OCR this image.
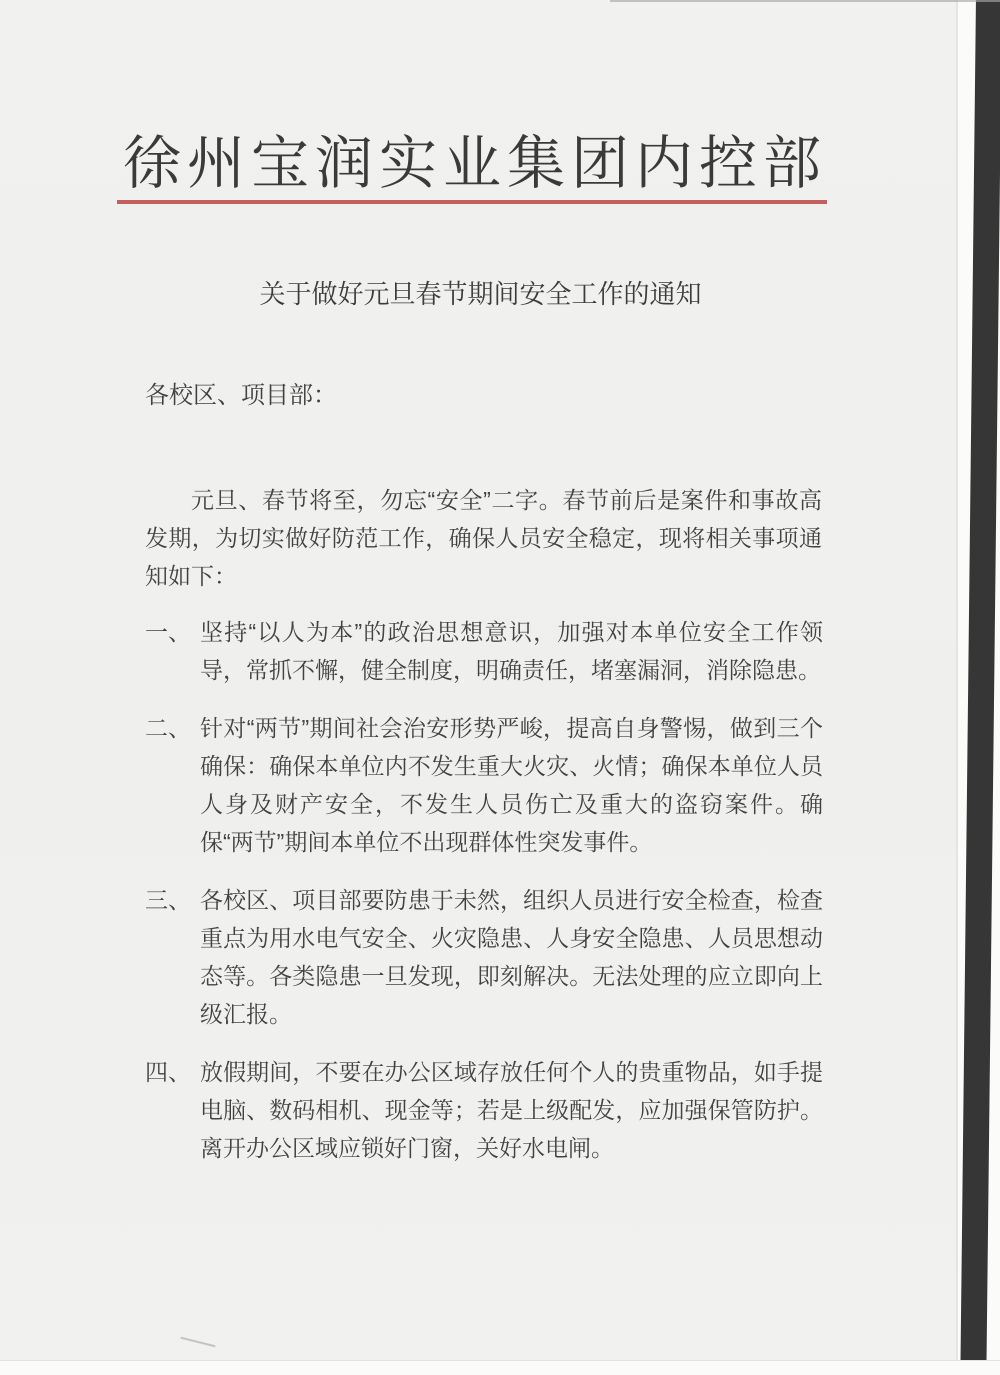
徐州宝润实业集团内控部
关于做好元旦春节期间安全工作的通知
各校区、项目部：
元旦、春节将至，勿忘“安全”二字。春节前后是案件和事故高发期，为切实做好防范工作，确保人员安全稳定，现将相关事项通知如下：
一、 坚持“以人为本”的政治思想意识，加强对本单位安全工作领导，常抓不懈，健全制度，明确责任，堵塞漏洞，消除隐患。
二、 针对“两节”期间社会治安形势严峻，提高自身警惕，做到三个确保：确保本单位内不发生重大火灾、火情；确保本单位人员人身及财产安全，不发生人员伤亡及重大的盗窃案件。确保“两节”期间本单位不出现群体性突发事件。
三、 各校区、项目部要防患于未然，组织人员进行安全检查，检查重点为用水电气安全、火灾隐患、人身安全隐患、人员思想动态等。各类隐患一旦发现，即刻解决。无法处理的应立即向上级汇报。
四、 放假期间，不要在办公区域存放任何个人的贵重物品，如手提电脑、数码相机、现金等；若是上级配发，应加强保管防护。离开办公区域应锁好门窗，关好水电闸。
